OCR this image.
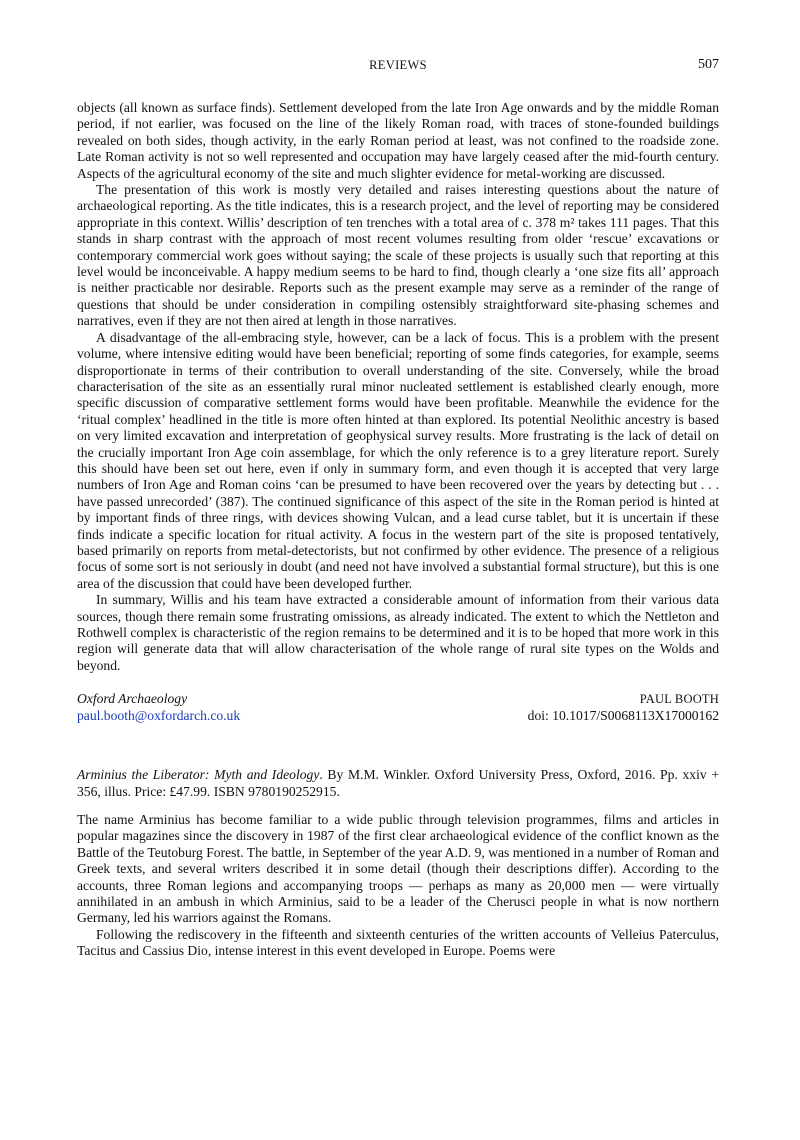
REVIEWS	507

objects (all known as surface finds). Settlement developed from the late Iron Age onwards and by the middle Roman period, if not earlier, was focused on the line of the likely Roman road, with traces of stone-founded buildings revealed on both sides, though activity, in the early Roman period at least, was not confined to the roadside zone. Late Roman activity is not so well represented and occupation may have largely ceased after the mid-fourth century. Aspects of the agricultural economy of the site and much slighter evidence for metal-working are discussed.

The presentation of this work is mostly very detailed and raises interesting questions about the nature of archaeological reporting. As the title indicates, this is a research project, and the level of reporting may be considered appropriate in this context. Willis’ description of ten trenches with a total area of c. 378 m² takes 111 pages. That this stands in sharp contrast with the approach of most recent volumes resulting from older ‘rescue’ excavations or contemporary commercial work goes without saying; the scale of these projects is usually such that reporting at this level would be inconceivable. A happy medium seems to be hard to find, though clearly a ‘one size fits all’ approach is neither practicable nor desirable. Reports such as the present example may serve as a reminder of the range of questions that should be under consideration in compiling ostensibly straightforward site-phasing schemes and narratives, even if they are not then aired at length in those narratives.

A disadvantage of the all-embracing style, however, can be a lack of focus. This is a problem with the present volume, where intensive editing would have been beneficial; reporting of some finds categories, for example, seems disproportionate in terms of their contribution to overall understanding of the site. Conversely, while the broad characterisation of the site as an essentially rural minor nucleated settlement is established clearly enough, more specific discussion of comparative settlement forms would have been profitable. Meanwhile the evidence for the ‘ritual complex’ headlined in the title is more often hinted at than explored. Its potential Neolithic ancestry is based on very limited excavation and interpretation of geophysical survey results. More frustrating is the lack of detail on the crucially important Iron Age coin assemblage, for which the only reference is to a grey literature report. Surely this should have been set out here, even if only in summary form, and even though it is accepted that very large numbers of Iron Age and Roman coins ‘can be presumed to have been recovered over the years by detecting but . . . have passed unrecorded’ (387). The continued significance of this aspect of the site in the Roman period is hinted at by important finds of three rings, with devices showing Vulcan, and a lead curse tablet, but it is uncertain if these finds indicate a specific location for ritual activity. A focus in the western part of the site is proposed tentatively, based primarily on reports from metal-detectorists, but not confirmed by other evidence. The presence of a religious focus of some sort is not seriously in doubt (and need not have involved a substantial formal structure), but this is one area of the discussion that could have been developed further.

In summary, Willis and his team have extracted a considerable amount of information from their various data sources, though there remain some frustrating omissions, as already indicated. The extent to which the Nettleton and Rothwell complex is characteristic of the region remains to be determined and it is to be hoped that more work in this region will generate data that will allow characterisation of the whole range of rural site types on the Wolds and beyond.

Oxford Archaeology
paul.booth@oxfordarch.co.uk
PAUL BOOTH
doi: 10.1017/S0068113X17000162

Arminius the Liberator: Myth and Ideology. By M.M. Winkler. Oxford University Press, Oxford, 2016. Pp. xxiv + 356, illus. Price: £47.99. ISBN 9780190252915.

The name Arminius has become familiar to a wide public through television programmes, films and articles in popular magazines since the discovery in 1987 of the first clear archaeological evidence of the conflict known as the Battle of the Teutoburg Forest. The battle, in September of the year A.D. 9, was mentioned in a number of Roman and Greek texts, and several writers described it in some detail (though their descriptions differ). According to the accounts, three Roman legions and accompanying troops — perhaps as many as 20,000 men — were virtually annihilated in an ambush in which Arminius, said to be a leader of the Cherusci people in what is now northern Germany, led his warriors against the Romans.

Following the rediscovery in the fifteenth and sixteenth centuries of the written accounts of Velleius Paterculus, Tacitus and Cassius Dio, intense interest in this event developed in Europe. Poems were
